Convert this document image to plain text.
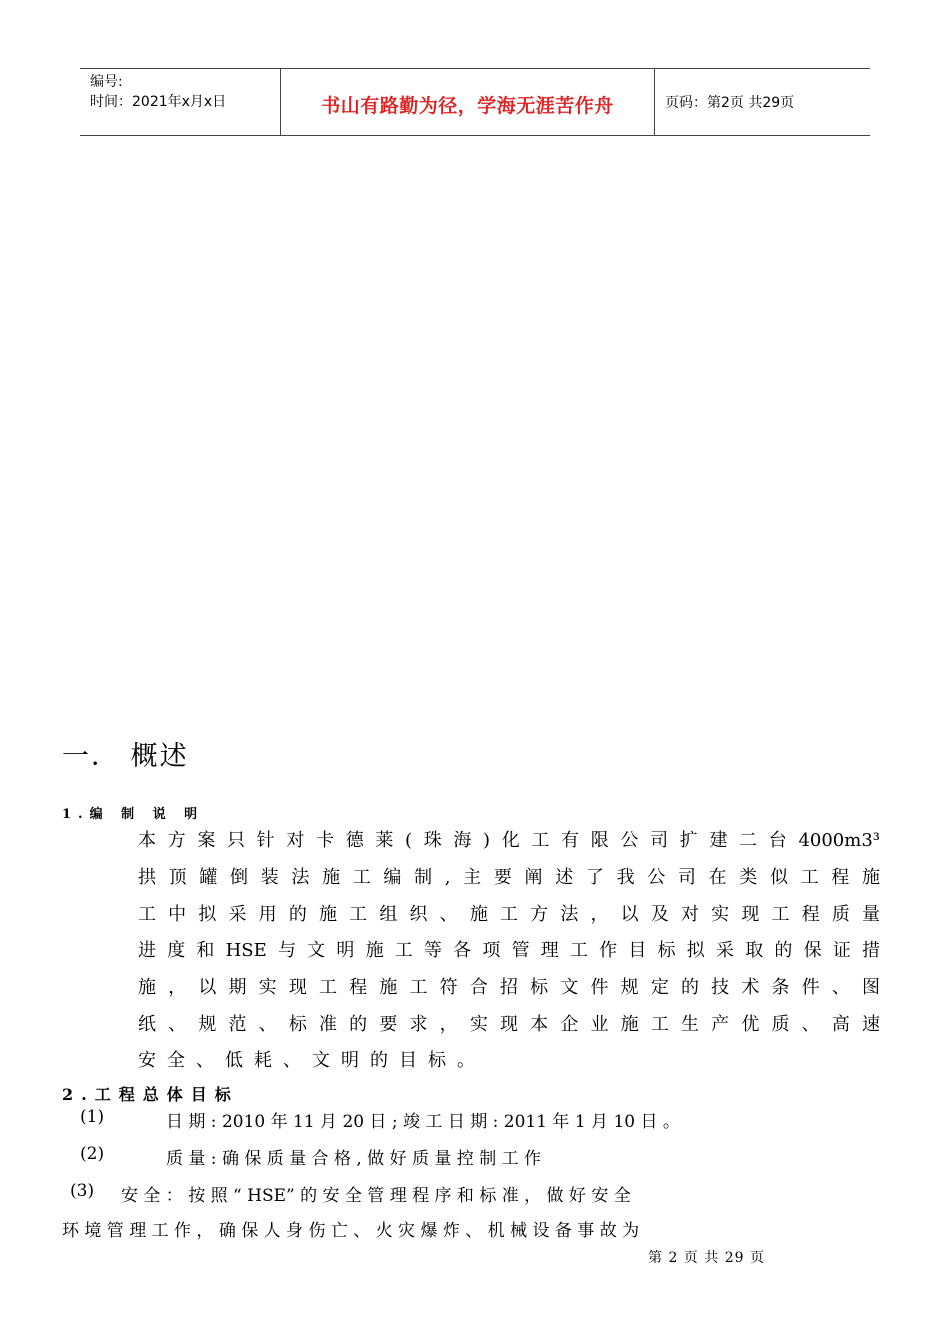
编号:
时间：2021年x月x日	书山有路勤为径，学海无涯苦作舟	页码：第2页 共29页
一． 概述
1.编 制 说 明
本方案只针对卡德莱(珠海)化工有限公司扩建二台4000m3³
拱顶罐倒装法施工编制,主要阐述了我公司在类似工程施
工中拟采用的施工组织、施工方法，以及对实现工程质量
进度和HSE与文明施工等各项管理工作目标拟采取的保证措
施，以期实现工程施工符合招标文件规定的技术条件、图
纸、规范、标准的要求，实现本企业施工生产优质、高速
安全、低耗、文明的目标。
2.工程总体目标
(1)	日 期 : 2010 年 11 月 20 日 ; 竣 工 日 期 : 2011 年 1 月 10 日 。
(2)	质 量 : 确 保 质 量 合 格 , 做 好 质 量 控 制 工 作
(3) 安 全 ： 按 照 “ HSE” 的 安 全 管 理 程 序 和 标 准 ， 做 好 安 全
环 境 管 理 工 作 ， 确 保 人 身 伤 亡 、 火 灾 爆 炸 、 机 械 设 备 事 故 为
第 2 页 共 29 页
